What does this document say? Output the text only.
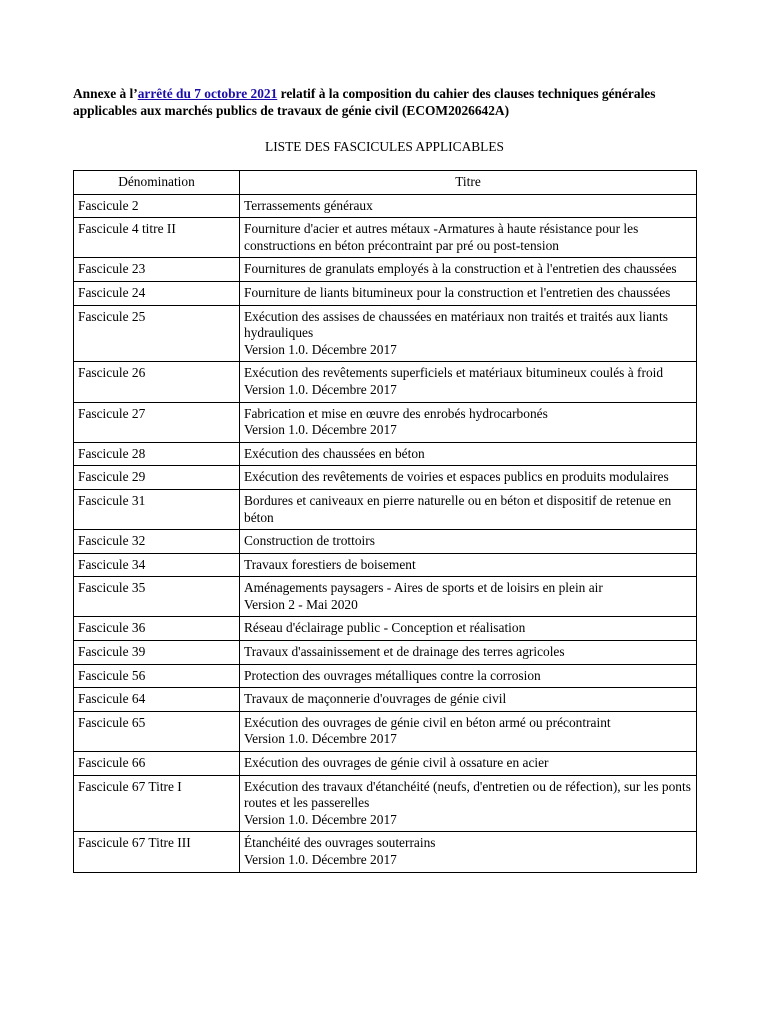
Annexe à l’arrêté du 7 octobre 2021 relatif à la composition du cahier des clauses techniques générales applicables aux marchés publics de travaux de génie civil (ECOM2026642A)
LISTE DES FASCICULES APPLICABLES
Dénomination	Titre
Fascicule 2	Terrassements généraux

Fascicule 4 titre II	Fourniture d'acier et autres métaux -Armatures à haute résistance pour les constructions en béton précontraint par pré ou post-tension

Fascicule 23	Fournitures de granulats employés à la construction et à l'entretien des chaussées

Fascicule 24	Fourniture de liants bitumineux pour la construction et l'entretien des chaussées

Fascicule 25	Exécution des assises de chaussées en matériaux non traités et traités aux liants hydrauliques
Version 1.0. Décembre 2017

Fascicule 26	Exécution des revêtements superficiels et matériaux bitumineux coulés à froid
Version 1.0. Décembre 2017

Fascicule 27	Fabrication et mise en œuvre des enrobés hydrocarbonés
Version 1.0. Décembre 2017

Fascicule 28	Exécution des chaussées en béton

Fascicule 29	Exécution des revêtements de voiries et espaces publics en produits modulaires

Fascicule 31	Bordures et caniveaux en pierre naturelle ou en béton et dispositif de retenue en béton

Fascicule 32	Construction de trottoirs

Fascicule 34	Travaux forestiers de boisement

Fascicule 35	Aménagements paysagers - Aires de sports et de loisirs en plein air
Version 2 - Mai 2020

Fascicule 36	Réseau d'éclairage public - Conception et réalisation

Fascicule 39	Travaux d'assainissement et de drainage des terres agricoles

Fascicule 56	Protection des ouvrages métalliques contre la corrosion

Fascicule 64	Travaux de maçonnerie d'ouvrages de génie civil

Fascicule 65	Exécution des ouvrages de génie civil en béton armé ou précontraint
Version 1.0. Décembre 2017

Fascicule 66	Exécution des ouvrages de génie civil à ossature en acier

Fascicule 67 Titre I	Exécution des travaux d'étanchéité (neufs, d'entretien ou de réfection), sur les ponts routes et les passerelles
Version 1.0. Décembre 2017

Fascicule 67 Titre III	Étanchéité des ouvrages souterrains
Version 1.0. Décembre 2017
